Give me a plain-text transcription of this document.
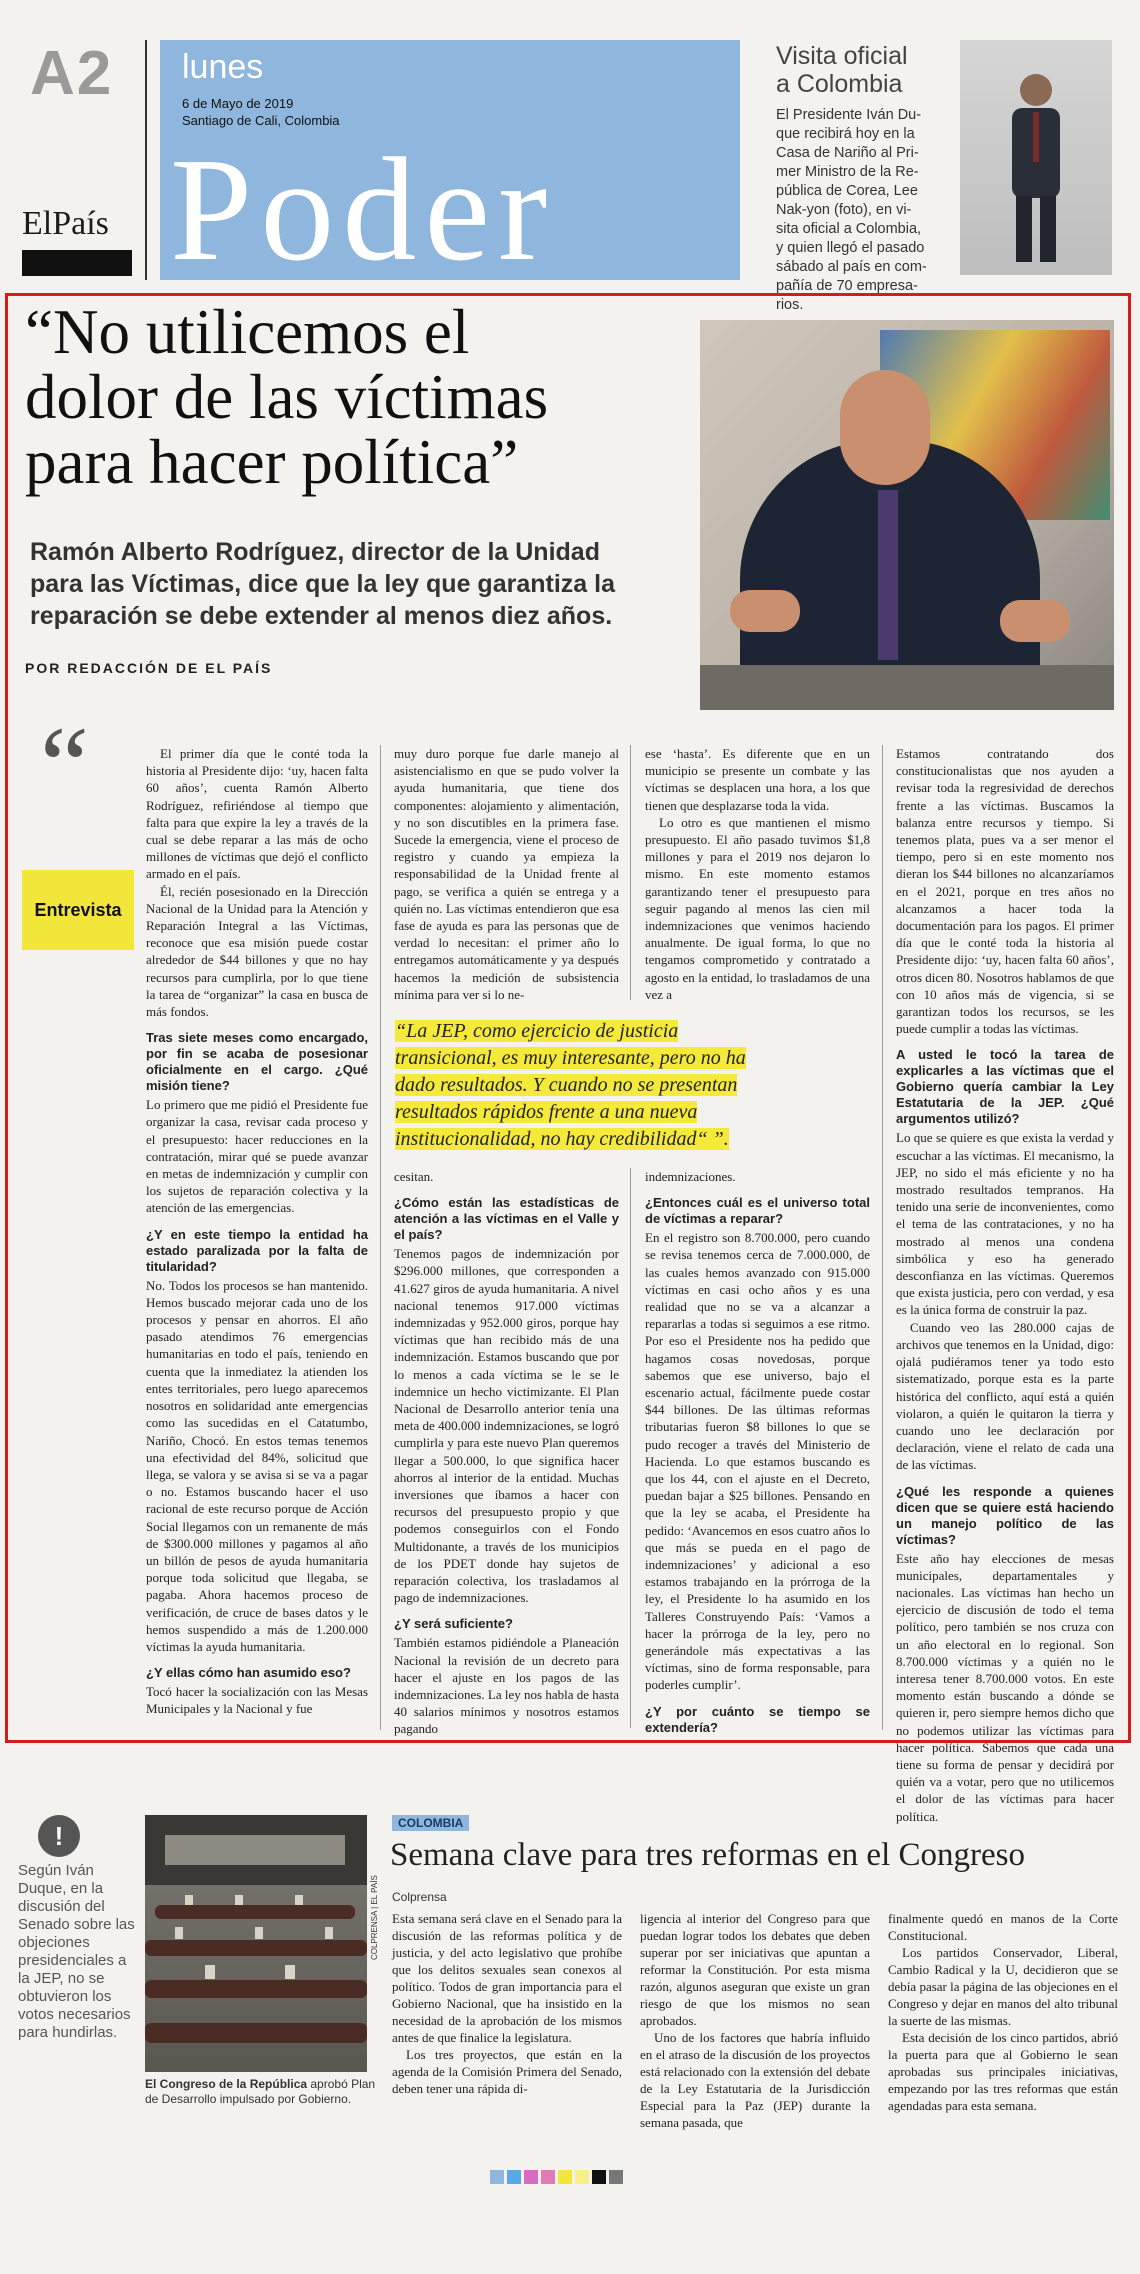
A2
ElPaís
lunes
6 de Mayo de 2019
Santiago de Cali, Colombia
Poder
Visita oficial
a Colombia

El Presidente Iván Du-
que recibirá hoy en la
Casa de Nariño al Pri-
mer Ministro de la Re-
pública de Corea, Lee
Nak-yon (foto), en vi-
sita oficial a Colombia,
y quien llegó el pasado
sábado al país en com-
pañía de 70 empresa-
rios.

“No utilicemos el
dolor de las víctimas
para hacer política”
Ramón Alberto Rodríguez, director de la Unidad
para las Víctimas, dice que la ley que garantiza la
reparación se debe extender al menos diez años.
POR REDACCIÓN DE EL PAÍS
“
Entrevista

El primer día que le conté toda la historia al Presidente dijo: ‘uy, hacen falta 60 años’, cuenta Ramón Alberto Rodríguez, refiriéndose al tiempo que falta para que expire la ley a través de la cual se debe reparar a las más de ocho millones de víctimas que dejó el conflicto armado en el país.

Él, recién posesionado en la Dirección Nacional de la Unidad para la Atención y Reparación Integral a las Víctimas, reconoce que esa misión puede costar alrededor de $44 billones y que no hay recursos para cumplirla, por lo que tiene la tarea de “organizar” la casa en busca de más fondos.

Tras siete meses como encargado, por fin se acaba de posesionar oficialmente en el cargo. ¿Qué misión tiene?

Lo primero que me pidió el Presidente fue organizar la casa, revisar cada proceso y el presupuesto: hacer reducciones en la contratación, mirar qué se puede avanzar en metas de indemnización y cumplir con los sujetos de reparación colectiva y la atención de las emergencias.

¿Y en este tiempo la entidad ha estado paralizada por la falta de titularidad?

No. Todos los procesos se han mantenido. Hemos buscado mejorar cada uno de los procesos y pensar en ahorros. El año pasado atendimos 76 emergencias humanitarias en todo el país, teniendo en cuenta que la inmediatez la atienden los entes territoriales, pero luego aparecemos nosotros en solidaridad ante emergencias como las sucedidas en el Catatumbo, Nariño, Chocó. En estos temas tenemos una efectividad del 84%, solicitud que llega, se valora y se avisa si se va a pagar o no. Estamos buscando hacer el uso racional de este recurso porque de Acción Social llegamos con un remanente de más de $300.000 millones y pagamos al año un billón de pesos de ayuda humanitaria porque toda solicitud que llegaba, se pagaba. Ahora hacemos proceso de verificación, de cruce de bases datos y le hemos suspendido a más de 1.200.000 víctimas la ayuda humanitaria.

¿Y ellas cómo han asumido eso?

Tocó hacer la socialización con las Mesas Municipales y la Nacional y fue

muy duro porque fue darle manejo al asistencialismo en que se pudo volver la ayuda humanitaria, que tiene dos componentes: alojamiento y alimentación, y no son discutibles en la primera fase. Sucede la emergencia, viene el proceso de registro y cuando ya empieza la responsabilidad de la Unidad frente al pago, se verifica a quién se entrega y a quién no. Las víctimas entendieron que esa fase de ayuda es para las personas que de verdad lo necesitan: el primer año lo entregamos automáticamente y ya después hacemos la medición de subsistencia mínima para ver si lo ne-

ese ‘hasta’. Es diferente que en un municipio se presente un combate y las víctimas se desplacen una hora, a los que tienen que desplazarse toda la vida.

Lo otro es que mantienen el mismo presupuesto. El año pasado tuvimos $1,8 millones y para el 2019 nos dejaron lo mismo. En este momento estamos garantizando tener el presupuesto para seguir pagando al menos las cien mil indemnizaciones que venimos haciendo anualmente. De igual forma, lo que no tengamos comprometido y contratado a agosto en la entidad, lo trasladamos de una vez a

Estamos contratando dos constitucionalistas que nos ayuden a revisar toda la regresividad de derechos frente a las víctimas. Buscamos la balanza entre recursos y tiempo. Si tenemos plata, pues va a ser menor el tiempo, pero si en este momento nos dieran los $44 billones no alcanzaríamos en el 2021, porque en tres años no alcanzamos a hacer toda la documentación para los pagos. El primer día que le conté toda la historia al Presidente dijo: ‘uy, hacen falta 60 años’, otros dicen 80. Nosotros hablamos de que con 10 años más de vigencia, si se garantizan todos los recursos, se les puede cumplir a todas las víctimas.

A usted le tocó la tarea de explicarles a las víctimas que el Gobierno quería cambiar la Ley Estatutaria de la JEP. ¿Qué argumentos utilizó?

Lo que se quiere es que exista la verdad y escuchar a las víctimas. El mecanismo, la JEP, no sido el más eficiente y no ha mostrado resultados tempranos. Ha tenido una serie de inconvenientes, como el tema de las contrataciones, y no ha mostrado al menos una condena simbólica y eso ha generado desconfianza en las víctimas. Queremos que exista justicia, pero con verdad, y esa es la única forma de construir la paz.

Cuando veo las 280.000 cajas de archivos que tenemos en la Unidad, digo: ojalá pudiéramos tener ya todo esto sistematizado, porque esta es la parte histórica del conflicto, aquí está a quién violaron, a quién le quitaron la tierra y cuando uno lee declaración por declaración, viene el relato de cada una de las víctimas.

¿Qué les responde a quienes dicen que se quiere está haciendo un manejo político de las víctimas?

Este año hay elecciones de mesas municipales, departamentales y nacionales. Las víctimas han hecho un ejercicio de discusión de todo el tema político, pero también se nos cruza con un año electoral en lo regional. Son 8.700.000 víctimas y a quién no le interesa tener 8.700.000 votos. En este momento están buscando a dónde se quieren ir, pero siempre hemos dicho que no podemos utilizar las víctimas para hacer política. Sabemos que cada una tiene su forma de pensar y decidirá por quién va a votar, pero que no utilicemos el dolor de las víctimas para hacer política.

“La JEP, como ejercicio de justicia
transicional, es muy interesante, pero no ha
dado resultados. Y cuando no se presentan
resultados rápidos frente a una nueva
institucionalidad, no hay credibilidad“ ”.

cesitan.

¿Cómo están las estadísticas de atención a las víctimas en el Valle y el país?

Tenemos pagos de indemnización por $296.000 millones, que corresponden a 41.627 giros de ayuda humanitaria. A nivel nacional tenemos 917.000 víctimas indemnizadas y 952.000 giros, porque hay víctimas que han recibido más de una indemnización. Estamos buscando que por lo menos a cada víctima se le se le indemnice un hecho victimizante. El Plan Nacional de Desarrollo anterior tenía una meta de 400.000 indemnizaciones, se logró cumplirla y para este nuevo Plan queremos llegar a 500.000, lo que significa hacer ahorros al interior de la entidad. Muchas inversiones que íbamos a hacer con recursos del presupuesto propio y que podemos conseguirlos con el Fondo Multidonante, a través de los municipios de los PDET donde hay sujetos de reparación colectiva, los trasladamos al pago de indemnizaciones.

¿Y será suficiente?

También estamos pidiéndole a Planeación Nacional la revisión de un decreto para hacer el ajuste en los pagos de las indemnizaciones. La ley nos habla de hasta 40 salarios mínimos y nosotros estamos pagando

indemnizaciones.

¿Entonces cuál es el universo total de víctimas a reparar?

En el registro son 8.700.000, pero cuando se revisa tenemos cerca de 7.000.000, de las cuales hemos avanzado con 915.000 víctimas en casi ocho años y es una realidad que no se va a alcanzar a repararlas a todas si seguimos a ese ritmo. Por eso el Presidente nos ha pedido que hagamos cosas novedosas, porque sabemos que ese universo, bajo el escenario actual, fácilmente puede costar $44 billones. De las últimas reformas tributarias fueron $8 billones lo que se pudo recoger a través del Ministerio de Hacienda. Lo que estamos buscando es que los 44, con el ajuste en el Decreto, puedan bajar a $25 billones. Pensando en que la ley se acaba, el Presidente ha pedido: ‘Avancemos en esos cuatro años lo que más se pueda en el pago de indemnizaciones’ y adicional a eso estamos trabajando en la prórroga de la ley, el Presidente lo ha asumido en los Talleres Construyendo País: ‘Vamos a hacer la prórroga de la ley, pero no generándole más expectativas a las víctimas, sino de forma responsable, para poderles cumplir’.

¿Y por cuánto se tiempo se extendería?

!
Según Iván Duque, en la discusión del Senado sobre las objeciones presidenciales a la JEP, no se obtuvieron los votos necesarios para hundirlas.
COLPRENSA | EL PAÍS
El Congreso de la República aprobó Plan de Desarrollo impulsado por Gobierno.
COLOMBIA
Semana clave para tres reformas en el Congreso
Colprensa

Esta semana será clave en el Senado para la discusión de las reformas política y de justicia, y del acto legislativo que prohíbe que los delitos sexuales sean conexos al político. Todos de gran importancia para el Gobierno Nacional, que ha insistido en la necesidad de la aprobación de los mismos antes de que finalice la legislatura.

Los tres proyectos, que están en la agenda de la Comisión Primera del Senado, deben tener una rápida di-

ligencia al interior del Congreso para que puedan lograr todos los debates que deben superar por ser iniciativas que apuntan a reformar la Constitución. Por esta misma razón, algunos aseguran que existe un gran riesgo de que los mismos no sean aprobados.

Uno de los factores que habría influido en el atraso de la discusión de los proyectos está relacionado con la extensión del debate de la Ley Estatutaria de la Jurisdicción Especial para la Paz (JEP) durante la semana pasada, que

finalmente quedó en manos de la Corte Constitucional.

Los partidos Conservador, Liberal, Cambio Radical y la U, decidieron que se debía pasar la página de las objeciones en el Congreso y dejar en manos del alto tribunal la suerte de las mismas.

Esta decisión de los cinco partidos, abrió la puerta para que al Gobierno le sean aprobadas sus principales iniciativas, empezando por las tres reformas que están agendadas para esta semana.
